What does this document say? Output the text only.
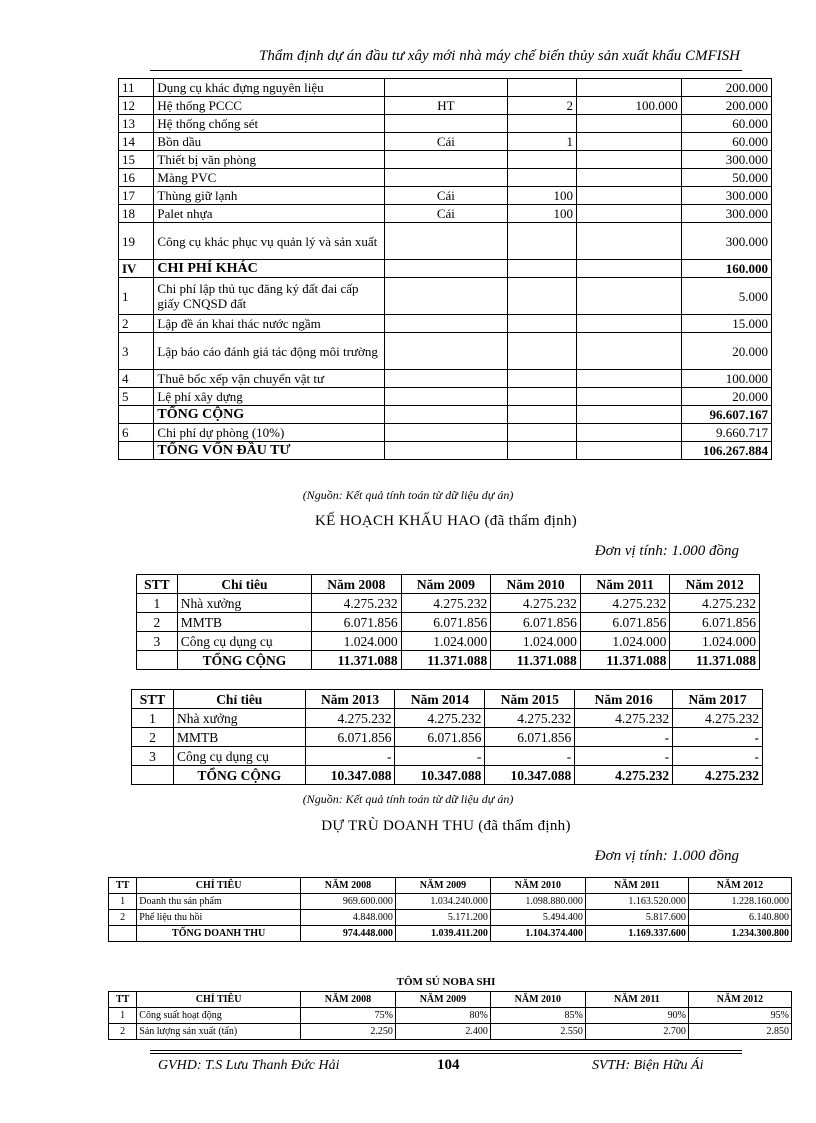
Thẩm định dự án đầu tư xây mới nhà máy chế biến thủy sản xuất khẩu CMFISH
11	Dụng cụ khác đựng nguyên liệu				200.000
12	Hệ thống PCCC	HT	2	100.000	200.000
13	Hệ thống chống sét				60.000
14	Bồn dầu	Cái	1		60.000
15	Thiết bị văn phòng				300.000
16	Màng PVC				50.000
17	Thùng giữ lạnh	Cái	100		300.000
18	Palet nhựa	Cái	100		300.000
19	Công cụ khác phục vụ quản lý và sản xuất				300.000
IV	CHI PHÍ KHÁC				160.000
1	Chi phí lập thủ tục đăng ký đất đai cấp giấy CNQSD đất				5.000
2	Lập đề án khai thác nước ngầm				15.000
3	Lập báo cáo đánh giá tác động môi trường				20.000
4	Thuê bốc xếp vận chuyển vật tư				100.000
5	Lệ phí xây dựng				20.000
	TỔNG CỘNG				96.607.167
6	Chi phí dự phòng (10%)				9.660.717
	TỔNG VỐN ĐẦU TƯ				106.267.884
(Nguồn: Kết quả tính toán từ dữ liệu dự án)
KẾ HOẠCH KHẤU HAO (đã thẩm định)
Đơn vị tính: 1.000 đồng
STT	Chỉ tiêu	Năm 2008	Năm 2009	Năm 2010	Năm 2011	Năm 2012
1	Nhà xưởng	4.275.232	4.275.232	4.275.232	4.275.232	4.275.232
2	MMTB	6.071.856	6.071.856	6.071.856	6.071.856	6.071.856
3	Công cụ dụng cụ	1.024.000	1.024.000	1.024.000	1.024.000	1.024.000
	TỔNG CỘNG	11.371.088	11.371.088	11.371.088	11.371.088	11.371.088
STT	Chỉ tiêu	Năm 2013	Năm 2014	Năm 2015	Năm 2016	Năm 2017
1	Nhà xưởng	4.275.232	4.275.232	4.275.232	4.275.232	4.275.232
2	MMTB	6.071.856	6.071.856	6.071.856	-	-
3	Công cụ dụng cụ	-	-	-	-	-
	TỔNG CỘNG	10.347.088	10.347.088	10.347.088	4.275.232	4.275.232
(Nguồn: Kết quả tính toán từ dữ liệu dự án)
DỰ TRÙ DOANH THU (đã thẩm định)
Đơn vị tính: 1.000 đồng
TT	CHỈ TIÊU	NĂM 2008	NĂM 2009	NĂM 2010	NĂM 2011	NĂM 2012
1	Doanh thu sản phẩm	969.600.000	1.034.240.000	1.098.880.000	1.163.520.000	1.228.160.000
2	Phế liệu thu hồi	4.848.000	5.171.200	5.494.400	5.817.600	6.140.800
	TỔNG DOANH THU	974.448.000	1.039.411.200	1.104.374.400	1.169.337.600	1.234.300.800
TÔM SÚ NOBA SHI
TT	CHỈ TIÊU	NĂM 2008	NĂM 2009	NĂM 2010	NĂM 2011	NĂM 2012
1	Công suất hoạt động	75%	80%	85%	90%	95%
2	Sản lượng sản xuất (tấn)	2.250	2.400	2.550	2.700	2.850
GVHD: T.S Lưu Thanh Đức Hải	104	SVTH: Biện Hữu Ái
